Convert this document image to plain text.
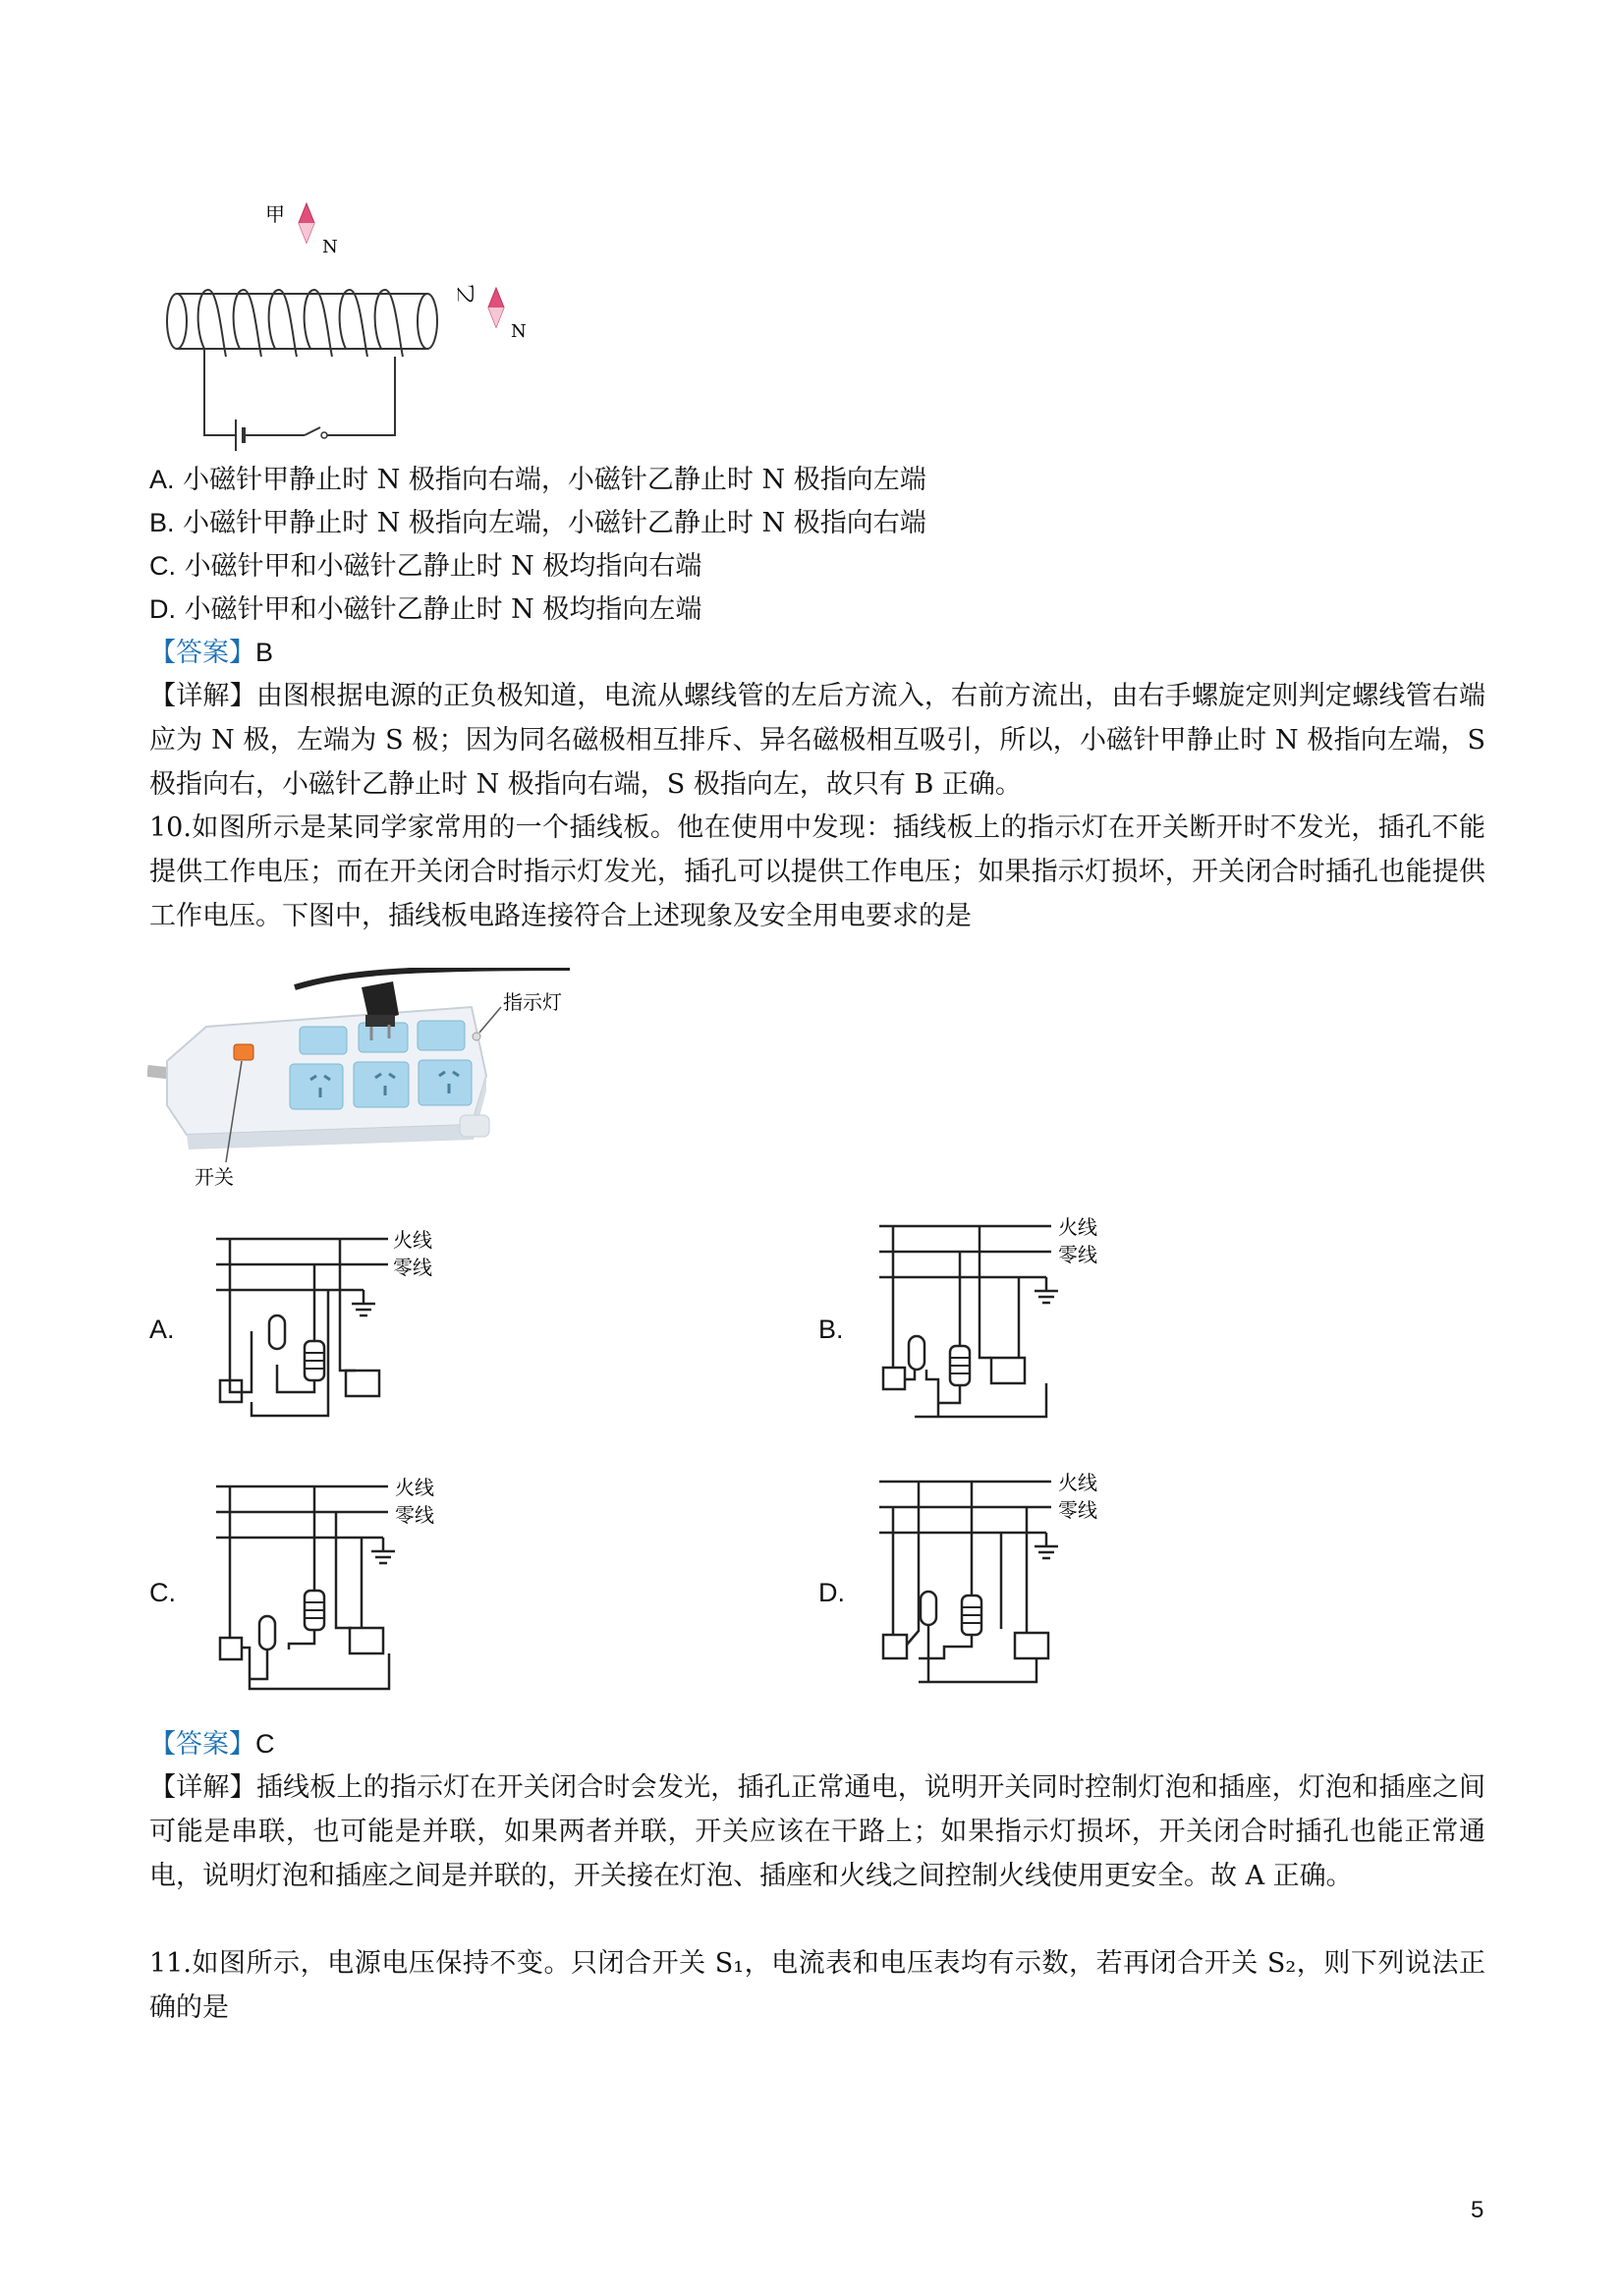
甲
N
乙
N
A. 小磁针甲静止时 N 极指向右端，小磁针乙静止时 N 极指向左端
B. 小磁针甲静止时 N 极指向左端，小磁针乙静止时 N 极指向右端
C. 小磁针甲和小磁针乙静止时 N 极均指向右端
D. 小磁针甲和小磁针乙静止时 N 极均指向左端
【答案】B
【详解】由图根据电源的正负极知道，电流从螺线管的左后方流入，右前方流出，由右手螺旋定则判定螺线管右端应为 N 极，左端为 S 极；因为同名磁极相互排斥、异名磁极相互吸引，所以，小磁针甲静止时 N 极指向左端，S 极指向右，小磁针乙静止时 N 极指向右端，S 极指向左，故只有 B 正确。
10.如图所示是某同学家常用的一个插线板。他在使用中发现：插线板上的指示灯在开关断开时不发光，插孔不能提供工作电压；而在开关闭合时指示灯发光，插孔可以提供工作电压；如果指示灯损坏，开关闭合时插孔也能提供工作电压。下图中，插线板电路连接符合上述现象及安全用电要求的是
指示灯
开关
A.
火线
零线
B.
火线
零线
C.
火线
零线
D.
火线
零线
【答案】C
【详解】插线板上的指示灯在开关闭合时会发光，插孔正常通电，说明开关同时控制灯泡和插座，灯泡和插座之间可能是串联，也可能是并联，如果两者并联，开关应该在干路上；如果指示灯损坏，开关闭合时插孔也能正常通电，说明灯泡和插座之间是并联的，开关接在灯泡、插座和火线之间控制火线使用更安全。故 A 正确。
11.如图所示，电源电压保持不变。只闭合开关 S₁，电流表和电压表均有示数，若再闭合开关 S₂，则下列说法正确的是
5
